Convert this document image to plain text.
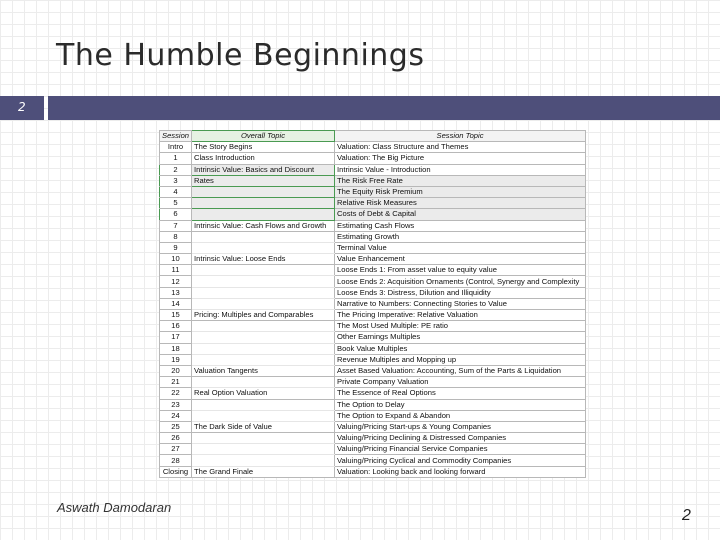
The Humble Beginnings
2
Session	Overall Topic	Session Topic
Intro	The Story Begins	Valuation: Class Structure and Themes
1	Class Introduction	Valuation: The Big Picture
2	Intrinsic Value: Basics and Discount	Intrinsic Value - Introduction
3	Rates	The Risk Free Rate
4		The Equity Risk Premium
5		Relative Risk Measures
6		Costs of Debt & Capital
7	Intrinsic Value: Cash Flows and Growth	Estimating Cash Flows
8		Estimating Growth
9		Terminal Value
10	Intrinsic Value: Loose Ends	Value Enhancement
11		Loose Ends 1: From asset value to equity value
12		Loose Ends 2: Acquisition Ornaments (Control, Synergy and Complexity
13		Loose Ends 3: Distress, Dilution and Illiquidity
14		Narrative to Numbers: Connecting Stories to Value
15	Pricing: Multiples and Comparables	The Pricing Imperative: Relative Valuation
16		The Most Used Multiple: PE ratio
17		Other Earnings Multiples
18		Book Value Multiples
19		Revenue Multiples and Mopping up
20	Valuation Tangents	Asset Based Valuation: Accounting, Sum of the Parts & Liquidation
21		Private Company Valuation
22	Real Option Valuation	The Essence of Real Options
23		The Option to Delay
24		The Option to Expand & Abandon
25	The Dark Side of Value	Valuing/Pricing Start-ups & Young Companies
26		Valuing/Pricing Declining & Distressed Companies
27		Valuing/Pricing Financial Service Companies
28		Valuing/Pricing Cyclical and Commodity Companies
Closing	The Grand Finale	Valuation: Looking back and looking forward
Aswath Damodaran	2
